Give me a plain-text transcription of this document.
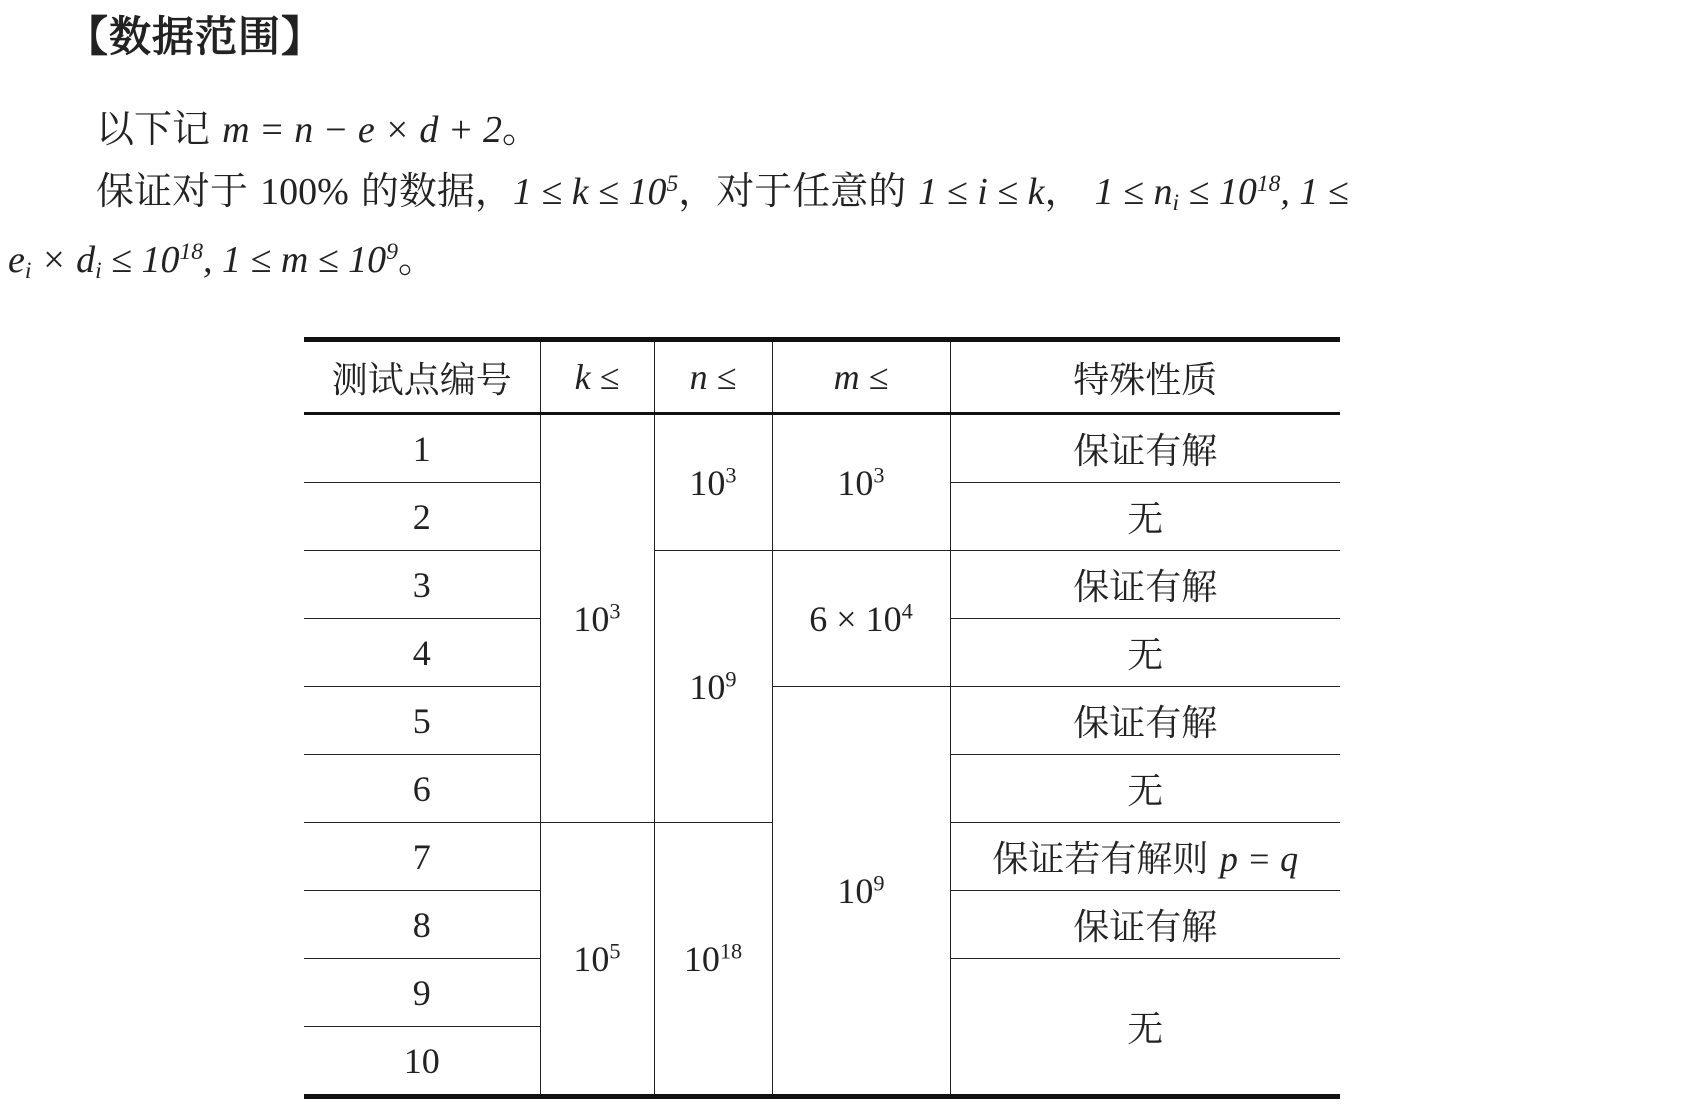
【数据范围】
以下记 m = n − e × d + 2。
保证对于 100% 的数据，$1 \le k \le 10^5$，对于任意的 1 ≤ i ≤ k， $1 \le n_i \le 10^{18}$, 1 ≤
$e_i \times d_i \le 10^{18}$, $1 \le m \le 10^9$。
测试点编号	k ≤	n ≤	m ≤	特殊性质
1	$10^3$	$10^3$	$10^3$	保证有解
2				无
3		$10^9$	$6 \times 10^4$	保证有解
4				无
5			$10^9$	保证有解
6				无
7	$10^5$	$10^{18}$		保证若有解则 p = q
8				保证有解
9				无
10				
